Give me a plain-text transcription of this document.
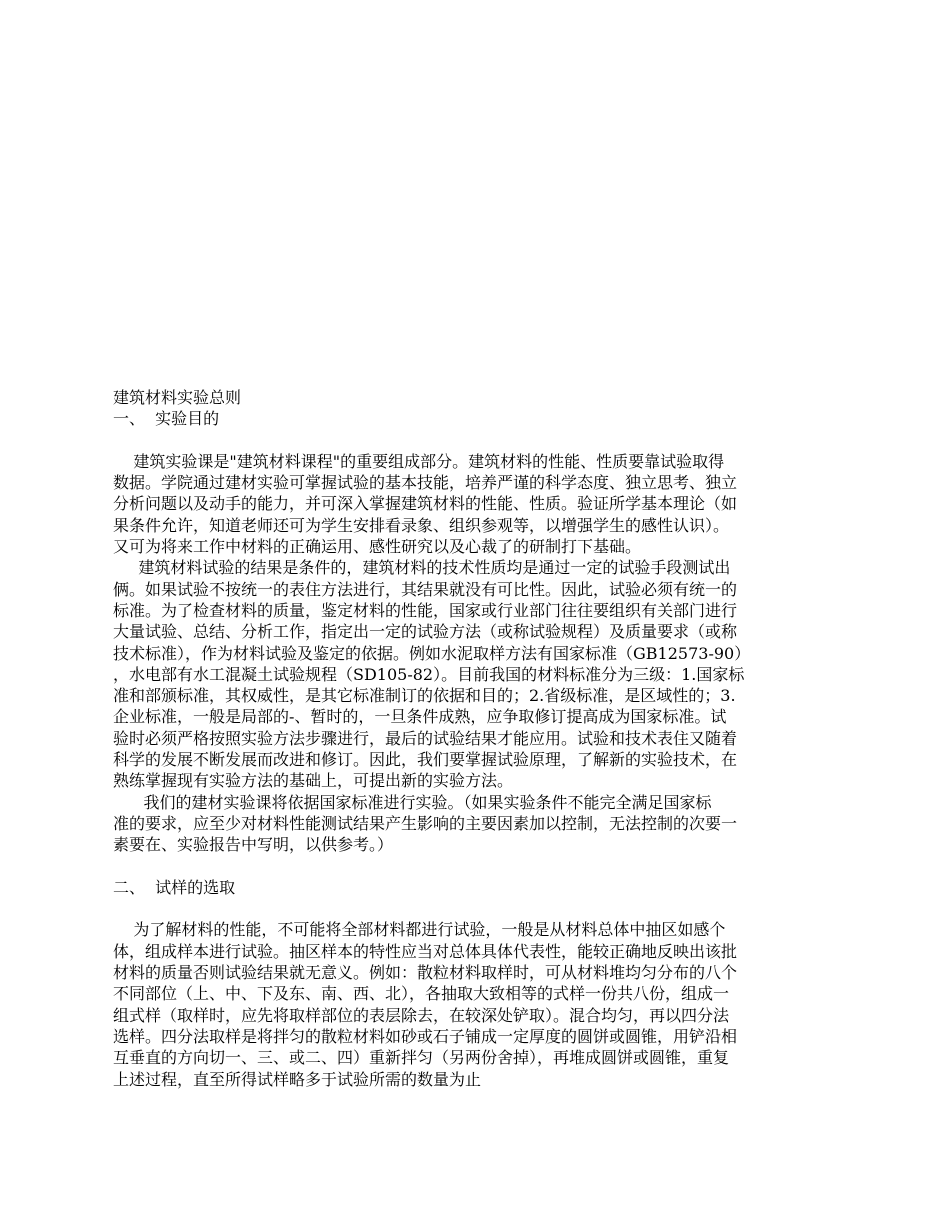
建筑材料实验总则
一、  实验目的
建筑实验课是"建筑材料课程"的重要组成部分。建筑材料的性能、性质要靠试验取得
数据。学院通过建材实验可掌握试验的基本技能，培养严谨的科学态度、独立思考、独立
分析问题以及动手的能力，并可深入掌握建筑材料的性能、性质。验证所学基本理论（如
果条件允许，知道老师还可为学生安排看录象、组织参观等，以增强学生的感性认识）。
又可为将来工作中材料的正确运用、感性研究以及心裁了的研制打下基础。
建筑材料试验的结果是条件的，建筑材料的技术性质均是通过一定的试验手段测试出
俩。如果试验不按统一的表住方法进行，其结果就没有可比性。因此，试验必须有统一的
标准。为了检查材料的质量，鉴定材料的性能，国家或行业部门往往要组织有关部门进行
大量试验、总结、分析工作，指定出一定的试验方法（或称试验规程）及质量要求（或称
技术标准），作为材料试验及鉴定的依据。例如水泥取样方法有国家标准（GB12573-90）
，水电部有水工混凝土试验规程（SD105-82）。目前我国的材料标准分为三级：1.国家标
准和部颁标准，其权威性，是其它标准制订的依据和目的；2.省级标准，是区域性的；3.
企业标准，一般是局部的-、暂时的，一旦条件成熟，应争取修订提高成为国家标准。试
验时必须严格按照实验方法步骤进行，最后的试验结果才能应用。试验和技术表住又随着
科学的发展不断发展而改进和修订。因此，我们要掌握试验原理，了解新的实验技术，在
熟练掌握现有实验方法的基础上，可提出新的实验方法。
我们的建材实验课将依据国家标准进行实验。（如果实验条件不能完全满足国家标
准的要求，应至少对材料性能测试结果产生影响的主要因素加以控制，无法控制的次要一
素要在、实验报告中写明，以供参考。）
二、  试样的选取
为了解材料的性能，不可能将全部材料都进行试验，一般是从材料总体中抽区如感个
体，组成样本进行试验。抽区样本的特性应当对总体具体代表性，能较正确地反映出该批
材料的质量否则试验结果就无意义。例如：散粒材料取样时，可从材料堆均匀分布的八个
不同部位（上、中、下及东、南、西、北），各抽取大致相等的式样一份共八份，组成一
组式样（取样时，应先将取样部位的表层除去，在较深处铲取）。混合均匀，再以四分法
选样。四分法取样是将拌匀的散粒材料如砂或石子铺成一定厚度的圆饼或圆锥，用铲沿相
互垂直的方向切一、三、或二、四）重新拌匀（另两份舍掉），再堆成圆饼或圆锥，重复
上述过程，直至所得试样略多于试验所需的数量为止
